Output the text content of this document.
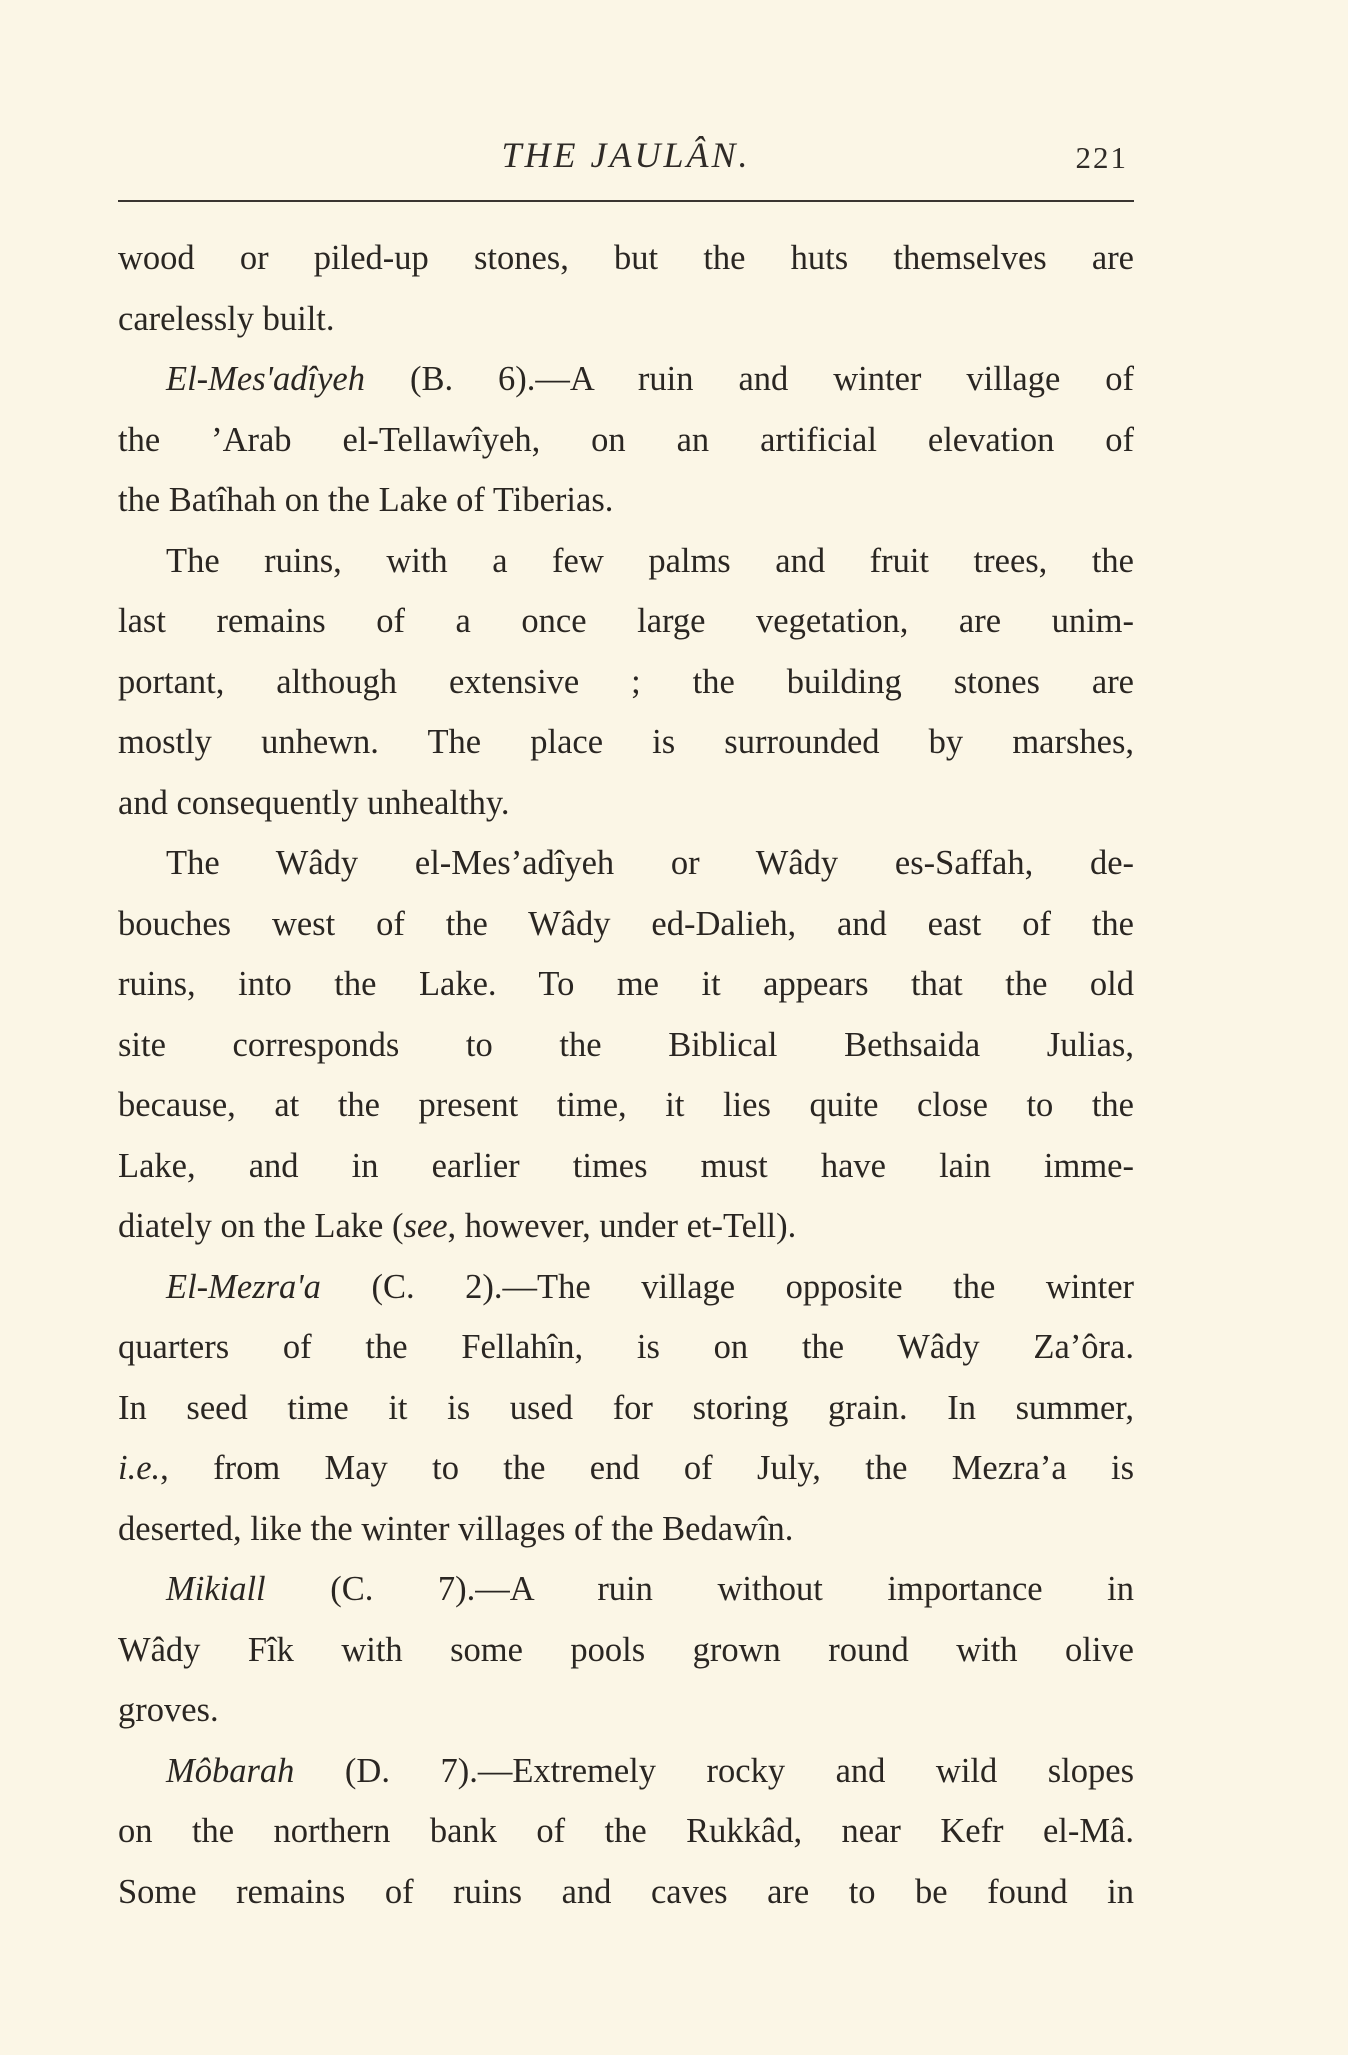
THE JAULÂN.	221
wood or piled-up stones, but the huts themselves are
carelessly built.
El-Mes'adîyeh (B. 6).—A ruin and winter village of
the ’Arab el-Tellawîyeh, on an artificial elevation of
the Batîhah on the Lake of Tiberias.
The ruins, with a few palms and fruit trees, the
last remains of a once large vegetation, are unim-
portant, although extensive ; the building stones are
mostly unhewn. The place is surrounded by marshes,
and consequently unhealthy.
The Wâdy el-Mes’adîyeh or Wâdy es-Saffah, de-
bouches west of the Wâdy ed-Dalieh, and east of the
ruins, into the Lake. To me it appears that the old
site corresponds to the Biblical Bethsaida Julias,
because, at the present time, it lies quite close to the
Lake, and in earlier times must have lain imme-
diately on the Lake (see, however, under et-Tell).
El-Mezra'a (C. 2).—The village opposite the winter
quarters of the Fellahîn, is on the Wâdy Za’ôra.
In seed time it is used for storing grain. In summer,
i.e., from May to the end of July, the Mezra’a is
deserted, like the winter villages of the Bedawîn.
Mikiall (C. 7).—A ruin without importance in
Wâdy Fîk with some pools grown round with olive
groves.
Môbarah (D. 7).—Extremely rocky and wild slopes
on the northern bank of the Rukkâd, near Kefr el-Mâ.
Some remains of ruins and caves are to be found in
